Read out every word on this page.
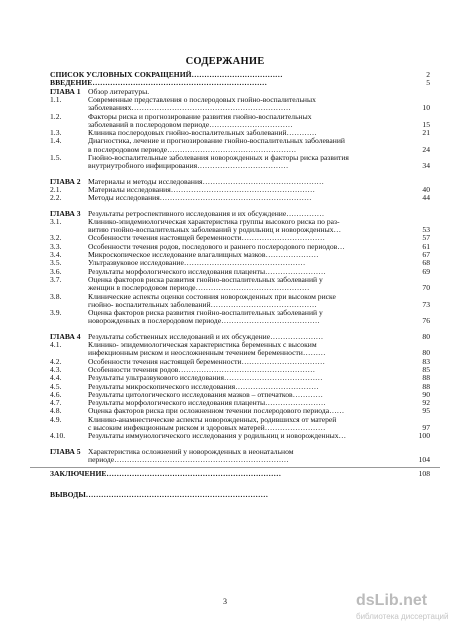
СОДЕРЖАНИЕ
СПИСОК УСЛОВНЫХ СОКРАЩЕНИЙ………………………………	2
ВВЕДЕНИЕ……………………………………………………………	5
ГЛАВА 1 Обзор литературы.
1.1.	Современные представления о послеродовых гнойно-воспалительных
заболеваниях………………………………………………………	10
1.2.	Факторы риска и прогнозирование развития гнойно-воспалительных
заболеваний в послеродовом периоде……………………………	15
1.3.	Клиника послеродовых гнойно-воспалительных заболеваний…………	21
1.4.	Диагностика, лечение и прогнозирование гнойно-воспалительных заболеваний
в послеродовом периоде……………………………………………	24
1.5.	Гнойно-воспалительные заболевания новорожденных и факторы риска развития
внутриутробного инфицирования………………………………	34
ГЛАВА 2 Материалы и методы исследования…………………………………………
2.1.	Материалы исследования…………………………………………………	40
2.2.	Методы исследования……………………………………………………	44
ГЛАВА 3 Результаты ретроспективного исследования и их обсуждение……………
3.1.	Клинико-эпидемиологическая характеристика группы высокого риска по раз-
витию гнойно-воспалительных заболеваний у родильниц и новорожденных…	53
3.2.	Особенности течения настоящей беременности……………………………	57
3.3.	Особенности течения родов, последового и раннего послеродового периодов…	61
3.4.	Микроскопическое исследование влагалищных мазков…………………	67
3.5.	Ультразвуковое исследование…………………………………………	68
3.6.	Результаты морфологического исследования плаценты……………………	69
3.7.	Оценка факторов риска развития гнойно-воспалительных заболеваний у
женщин в послеродовом периоде………………………………………	70
3.8.	Клинические аспекты оценки состояния новорожденных при высоком риске
гнойно- воспалительных заболеваний……………………………………	73
3.9.	Оценка факторов риска развития гнойно-воспалительных заболеваний у
новорожденных в послеродовом периоде…………………………………	76
ГЛАВА 4 Результаты собственных исследований и их обсуждение…………………	80
4.1.	Клинико- эпидемиологическая характеристика беременных с высоким
инфекционным риском и неосложненным течением беременности………	80
4.2.	Особенности течения настоящей беременности……………………………	83
4.3.	Особенности течения родов………………………………………………	85
4.4.	Результаты ультразвукового исследования…………………………………	88
4.5.	Результаты микроскопического исследования……………………………	88
4.6.	Результаты цитологического исследования мазков – отпечатков…………	90
4.7.	Результаты морфологического исследования плаценты……………………	92
4.8.	Оценка факторов риска при осложненном течении послеродового периода……	95
4.9.	Клинико-анамнестические аспекты новорожденных, родившихся от матерей
с высоким инфекционным риском и здоровых матерей……………………	97
4.10.	Результаты иммунологического исследования у родильниц и новорожденных…	100
ГЛАВА 5 Характеристика осложнений у новорожденных в неонатальном
периоде……………………………………………………………	104
ЗАКЛЮЧЕНИЕ……………………………………………………………	108
ВЫВОДЫ………………………………………………………………
3	dsLib.net
библиотека диссертаций
